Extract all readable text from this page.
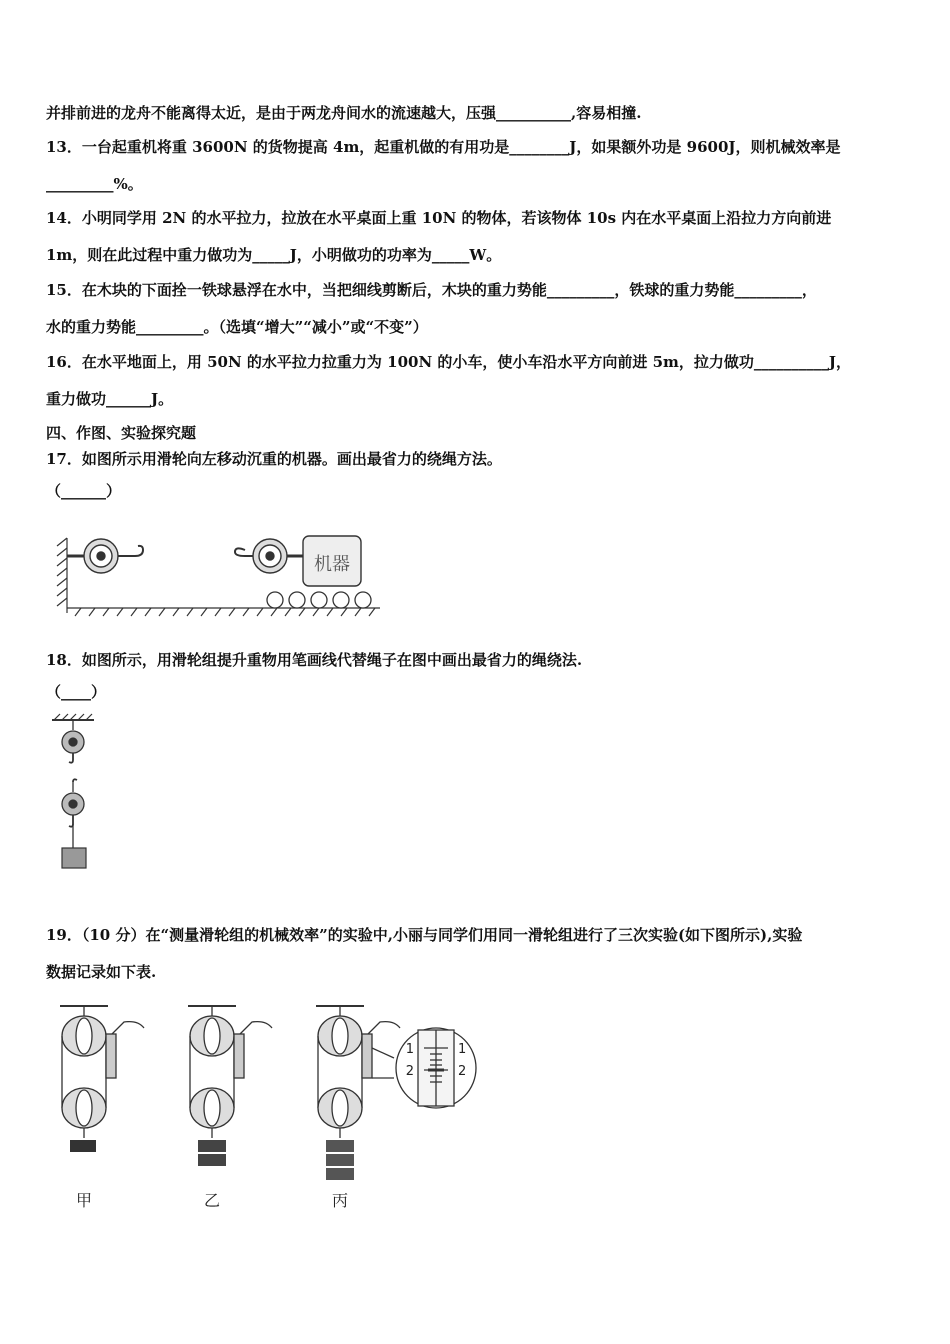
并排前进的龙舟不能离得太近，是由于两龙舟间水的流速越大，压强__________,容易相撞.
13．一台起重机将重 3600N 的货物提高 4m，起重机做的有用功是________J，如果额外功是 9600J，则机械效率是
_________%。
14．小明同学用 2N 的水平拉力，拉放在水平桌面上重 10N 的物体，若该物体 10s 内在水平桌面上沿拉力方向前进
1m，则在此过程中重力做功为_____J，小明做功的功率为_____W。
15．在木块的下面拴一铁球悬浮在水中，当把细线剪断后，木块的重力势能_________，铁球的重力势能_________，
水的重力势能_________。（选填“增大”“减小”或“不变”）
16．在水平地面上，用 50N 的水平拉力拉重力为 100N 的小车，使小车沿水平方向前进 5m，拉力做功__________J，
重力做功______J。
四、作图、实验探究题
17．如图所示用滑轮向左移动沉重的机器。画出最省力的绕绳方法。
（______）
机器
18．如图所示，用滑轮组提升重物用笔画线代替绳子在图中画出最省力的绳绕法.
（____）
19．（10 分）在“测量滑轮组的机械效率”的实验中,小丽与同学们用同一滑轮组进行了三次实验(如下图所示),实验
数据记录如下表.
1
2
1
2
甲	乙	丙
